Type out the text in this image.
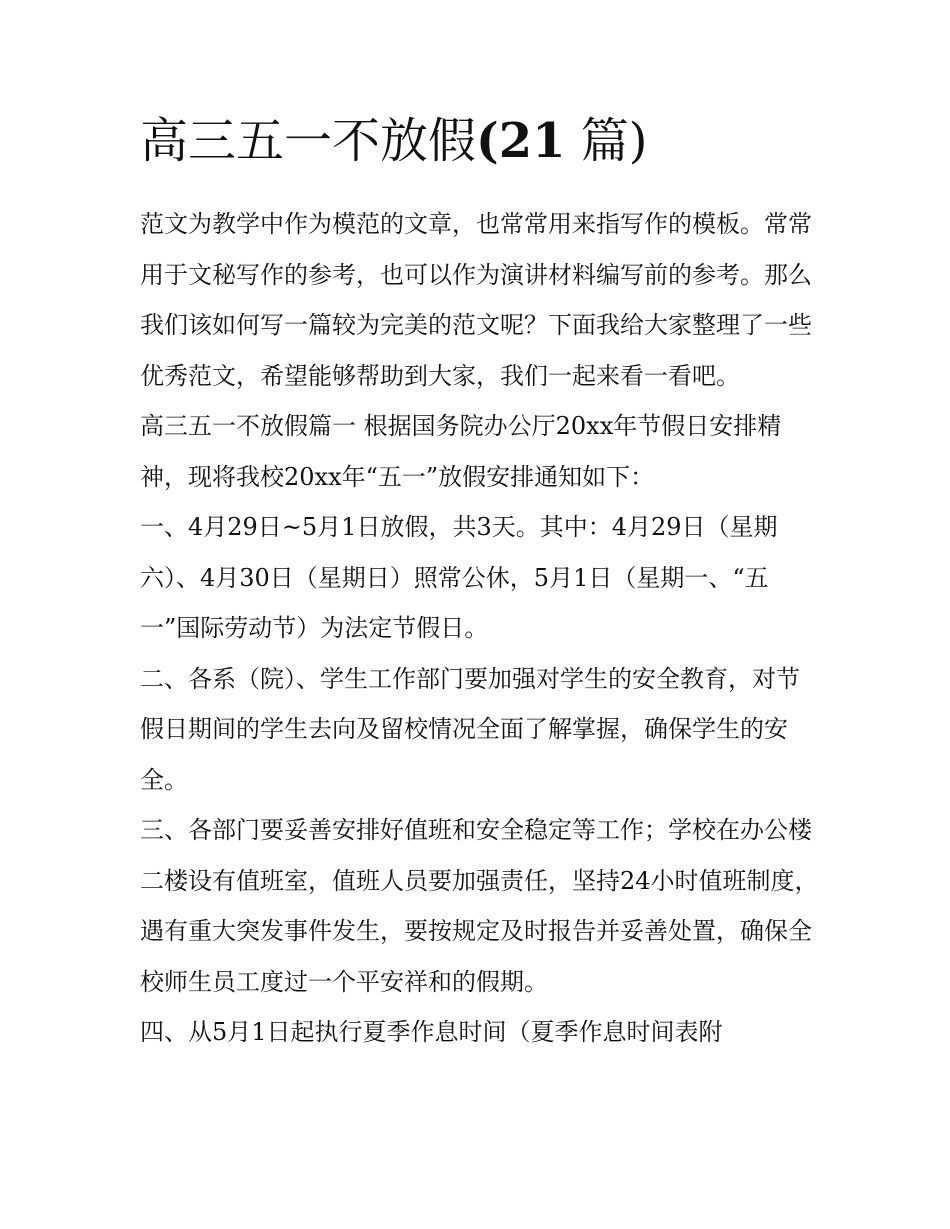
高三五一不放假(21 篇)

范文为教学中作为模范的文章，也常常用来指写作的模板。常常用于文秘写作的参考，也可以作为演讲材料编写前的参考。那么我们该如何写一篇较为完美的范文呢？下面我给大家整理了一些优秀范文，希望能够帮助到大家，我们一起来看一看吧。

高三五一不放假篇一 根据国务院办公厅20xx年节假日安排精神，现将我校20xx年“五一”放假安排通知如下：

一、4月29日~5月1日放假，共3天。其中：4月29日（星期六）、4月30日（星期日）照常公休，5月1日（星期一、“五一”国际劳动节）为法定节假日。

二、各系（院）、学生工作部门要加强对学生的安全教育，对节假日期间的学生去向及留校情况全面了解掌握，确保学生的安全。

三、各部门要妥善安排好值班和安全稳定等工作；学校在办公楼二楼设有值班室，值班人员要加强责任，坚持24小时值班制度，遇有重大突发事件发生，要按规定及时报告并妥善处置，确保全校师生员工度过一个平安祥和的假期。

四、从5月1日起执行夏季作息时间（夏季作息时间表附
